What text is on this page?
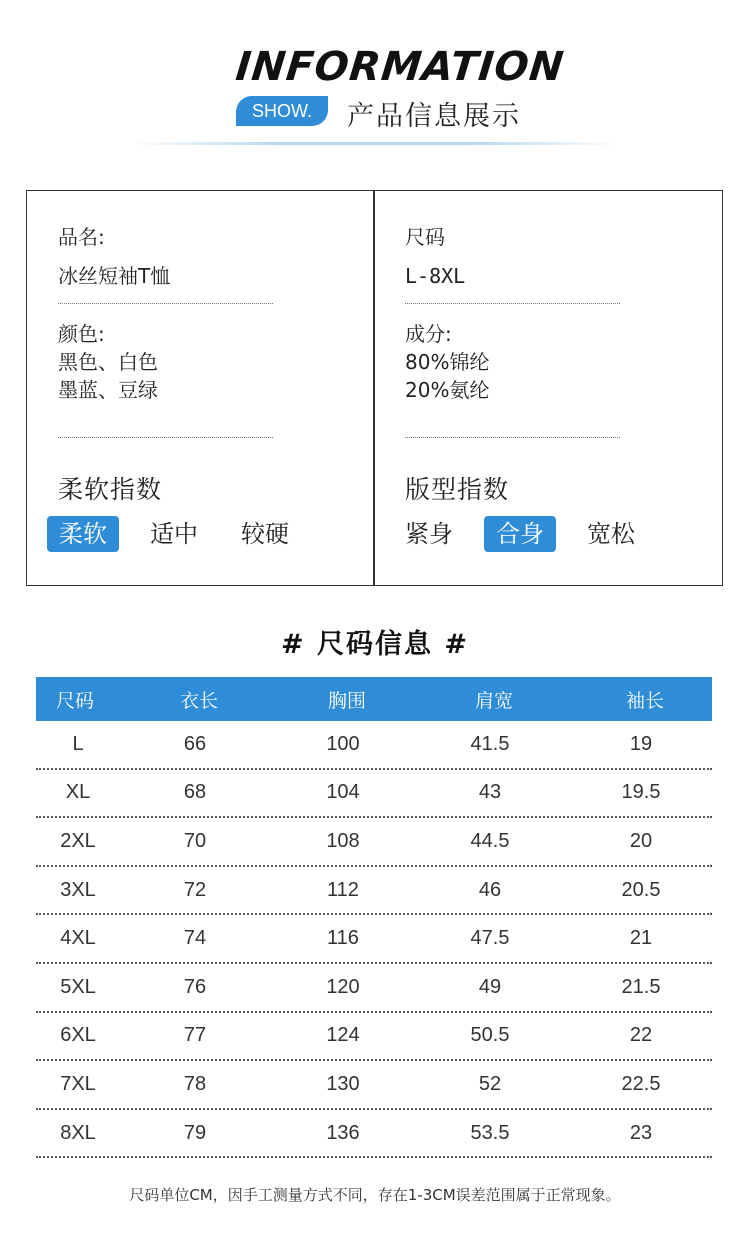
INFORMATION
SHOW.	产品信息展示
品名:
冰丝短袖T恤
颜色:
黑色、白色
墨蓝、豆绿
柔软指数
柔软	适中 较硬
尺码
L-8XL
成分:
80%锦纶
20%氨纶
版型指数
紧身	合身	宽松
# 尺码信息 #
尺码	衣长	胸围	肩宽	袖长
L	66	100	41.5	19
XL	68	104	43	19.5
2XL	70	108	44.5	20
3XL	72	112	46	20.5
4XL	74	116	47.5	21
5XL	76	120	49	21.5
6XL	77	124	50.5	22
7XL	78	130	52	22.5
8XL	79	136	53.5	23
尺码单位CM，因手工测量方式不同，存在1-3CM误差范围属于正常现象。
